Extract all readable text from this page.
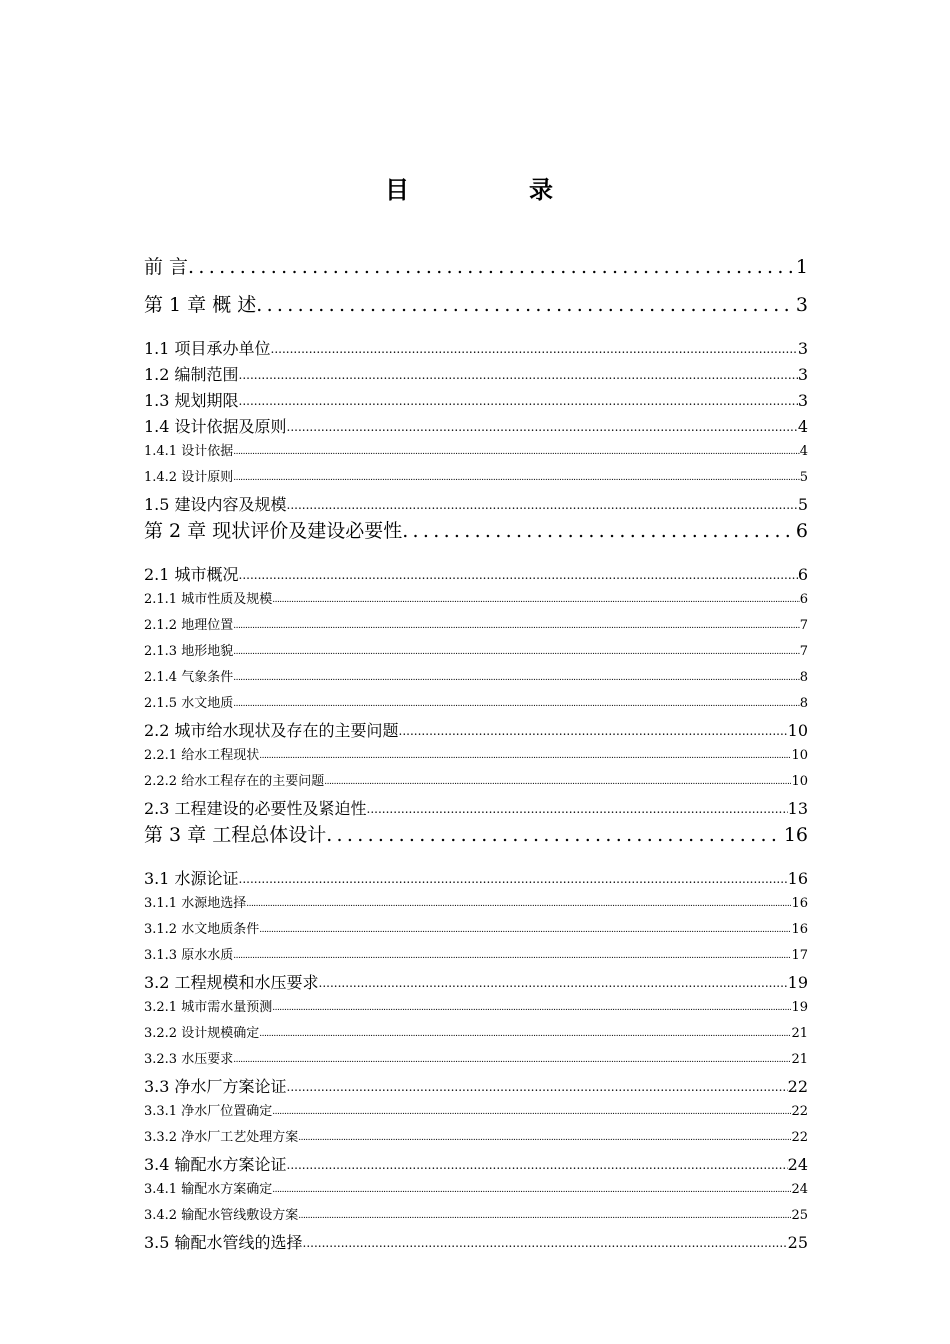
目　录
前 言 .....	1
第 1 章 概 述 .....	3
1.1 项目承办单位 .....	3
1.2 编制范围 .....	3
1.3 规划期限 .....	3
1.4 设计依据及原则 .....	4
1.4.1 设计依据 .....	4
1.4.2 设计原则 .....	5
1.5 建设内容及规模 .....	5
第 2 章 现状评价及建设必要性 .....	6
2.1 城市概况 .....	6
2.1.1 城市性质及规模 .....	6
2.1.2 地理位置 .....	7
2.1.3 地形地貌 .....	7
2.1.4 气象条件 .....	8
2.1.5 水文地质 .....	8
2.2 城市给水现状及存在的主要问题 .....	10
2.2.1 给水工程现状 .....	10
2.2.2 给水工程存在的主要问题 .....	10
2.3 工程建设的必要性及紧迫性 .....	13
第 3 章 工程总体设计 .....	16
3.1 水源论证 .....	16
3.1.1 水源地选择 .....	16
3.1.2 水文地质条件 .....	16
3.1.3 原水水质 .....	17
3.2 工程规模和水压要求 .....	19
3.2.1 城市需水量预测 .....	19
3.2.2 设计规模确定 .....	21
3.2.3 水压要求 .....	21
3.3 净水厂方案论证 .....	22
3.3.1 净水厂位置确定 .....	22
3.3.2 净水厂工艺处理方案 .....	22
3.4 输配水方案论证 .....	24
3.4.1 输配水方案确定 .....	24
3.4.2 输配水管线敷设方案 .....	25
3.5 输配水管线的选择 .....	25
